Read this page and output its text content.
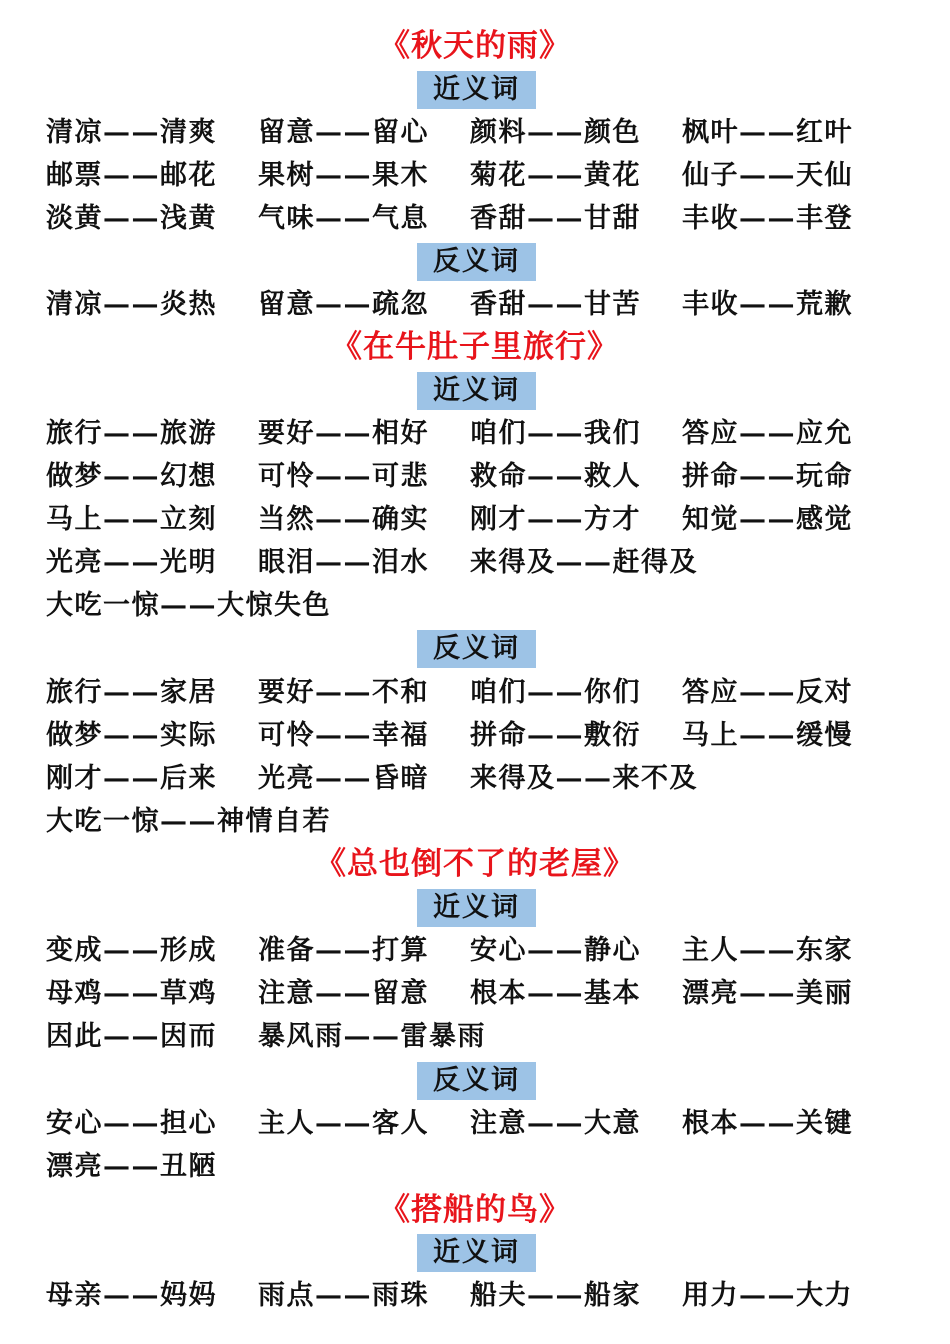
《秋天的雨》
近义词
清凉——清爽 留意——留心 颜料——颜色 枫叶——红叶
邮票——邮花 果树——果木 菊花——黄花 仙子——天仙
淡黄——浅黄 气味——气息 香甜——甘甜 丰收——丰登
反义词
清凉——炎热 留意——疏忽 香甜——甘苦 丰收——荒歉
《在牛肚子里旅行》
近义词
旅行——旅游 要好——相好 咱们——我们 答应——应允
做梦——幻想 可怜——可悲 救命——救人 拼命——玩命
马上——立刻 当然——确实 刚才——方才 知觉——感觉
光亮——光明 眼泪——泪水 来得及——赶得及
大吃一惊——大惊失色
反义词
旅行——家居 要好——不和 咱们——你们 答应——反对
做梦——实际 可怜——幸福 拼命——敷衍 马上——缓慢
刚才——后来 光亮——昏暗 来得及——来不及
大吃一惊——神情自若
《总也倒不了的老屋》
近义词
变成——形成 准备——打算 安心——静心 主人——东家
母鸡——草鸡 注意——留意 根本——基本 漂亮——美丽
因此——因而 暴风雨——雷暴雨
反义词
安心——担心 主人——客人 注意——大意 根本——关键
漂亮——丑陋
《搭船的鸟》
近义词
母亲——妈妈 雨点——雨珠 船夫——船家 用力——大力
